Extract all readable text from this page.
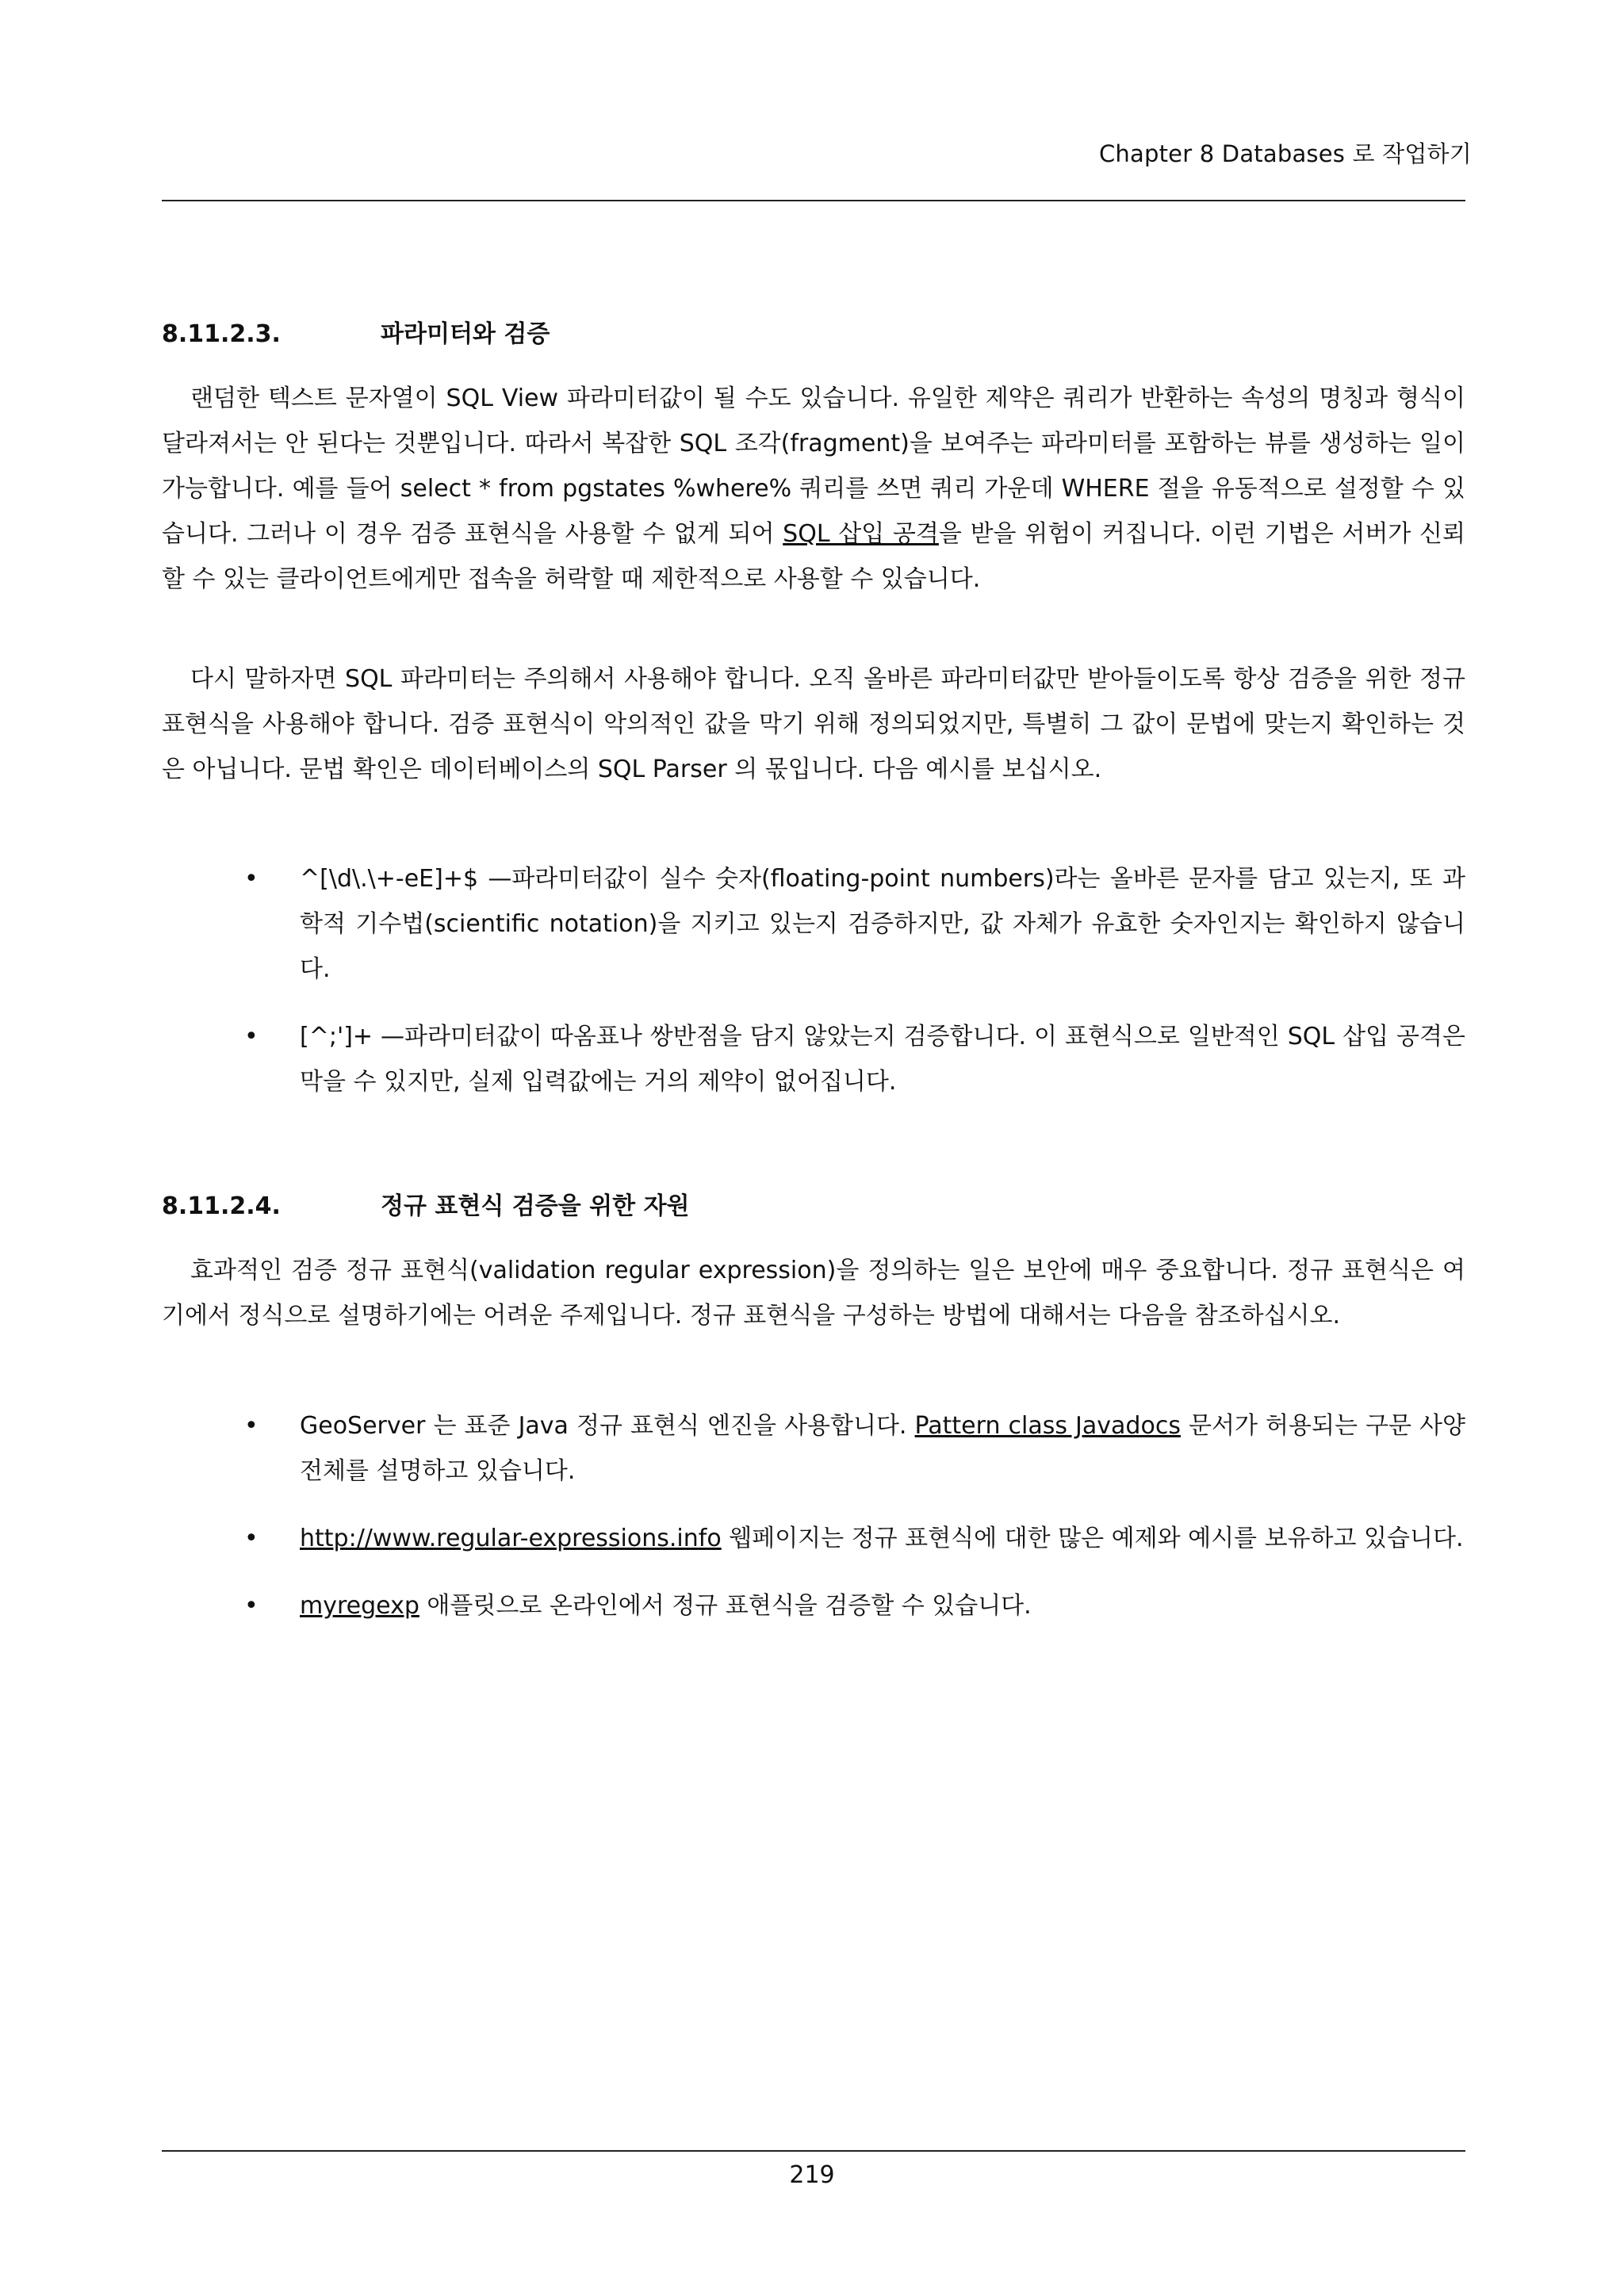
Chapter 8 Databases 로 작업하기
8.11.2.3.	파라미터와 검증
랜덤한 텍스트 문자열이 SQL View 파라미터값이 될 수도 있습니다. 유일한 제약은 쿼리가 반환하는 속성의 명칭과 형식이 달라져서는 안 된다는 것뿐입니다. 따라서 복잡한 SQL 조각(fragment)을 보여주는 파라미터를 포함하는 뷰를 생성하는 일이 가능합니다. 예를 들어 select * from pgstates %where% 쿼리를 쓰면 쿼리 가운데 WHERE 절을 유동적으로 설정할 수 있습니다. 그러나 이 경우 검증 표현식을 사용할 수 없게 되어 SQL 삽입 공격을 받을 위험이 커집니다. 이런 기법은 서버가 신뢰할 수 있는 클라이언트에게만 접속을 허락할 때 제한적으로 사용할 수 있습니다.
다시 말하자면 SQL 파라미터는 주의해서 사용해야 합니다. 오직 올바른 파라미터값만 받아들이도록 항상 검증을 위한 정규 표현식을 사용해야 합니다. 검증 표현식이 악의적인 값을 막기 위해 정의되었지만, 특별히 그 값이 문법에 맞는지 확인하는 것은 아닙니다. 문법 확인은 데이터베이스의 SQL Parser 의 몫입니다. 다음 예시를 보십시오.
• ^[\d\.\+-eE]+$ —파라미터값이 실수 숫자(floating-point numbers)라는 올바른 문자를 담고 있는지, 또 과학적 기수법(scientific notation)을 지키고 있는지 검증하지만, 값 자체가 유효한 숫자인지는 확인하지 않습니다.
• [^;']+ —파라미터값이 따옴표나 쌍반점을 담지 않았는지 검증합니다. 이 표현식으로 일반적인 SQL 삽입 공격은 막을 수 있지만, 실제 입력값에는 거의 제약이 없어집니다.
8.11.2.4.	정규 표현식 검증을 위한 자원
효과적인 검증 정규 표현식(validation regular expression)을 정의하는 일은 보안에 매우 중요합니다. 정규 표현식은 여기에서 정식으로 설명하기에는 어려운 주제입니다. 정규 표현식을 구성하는 방법에 대해서는 다음을 참조하십시오.
• GeoServer 는 표준 Java 정규 표현식 엔진을 사용합니다. Pattern class Javadocs 문서가 허용되는 구문 사양 전체를 설명하고 있습니다.
• http://www.regular-expressions.info 웹페이지는 정규 표현식에 대한 많은 예제와 예시를 보유하고 있습니다.
• myregexp 애플릿으로 온라인에서 정규 표현식을 검증할 수 있습니다.
219
